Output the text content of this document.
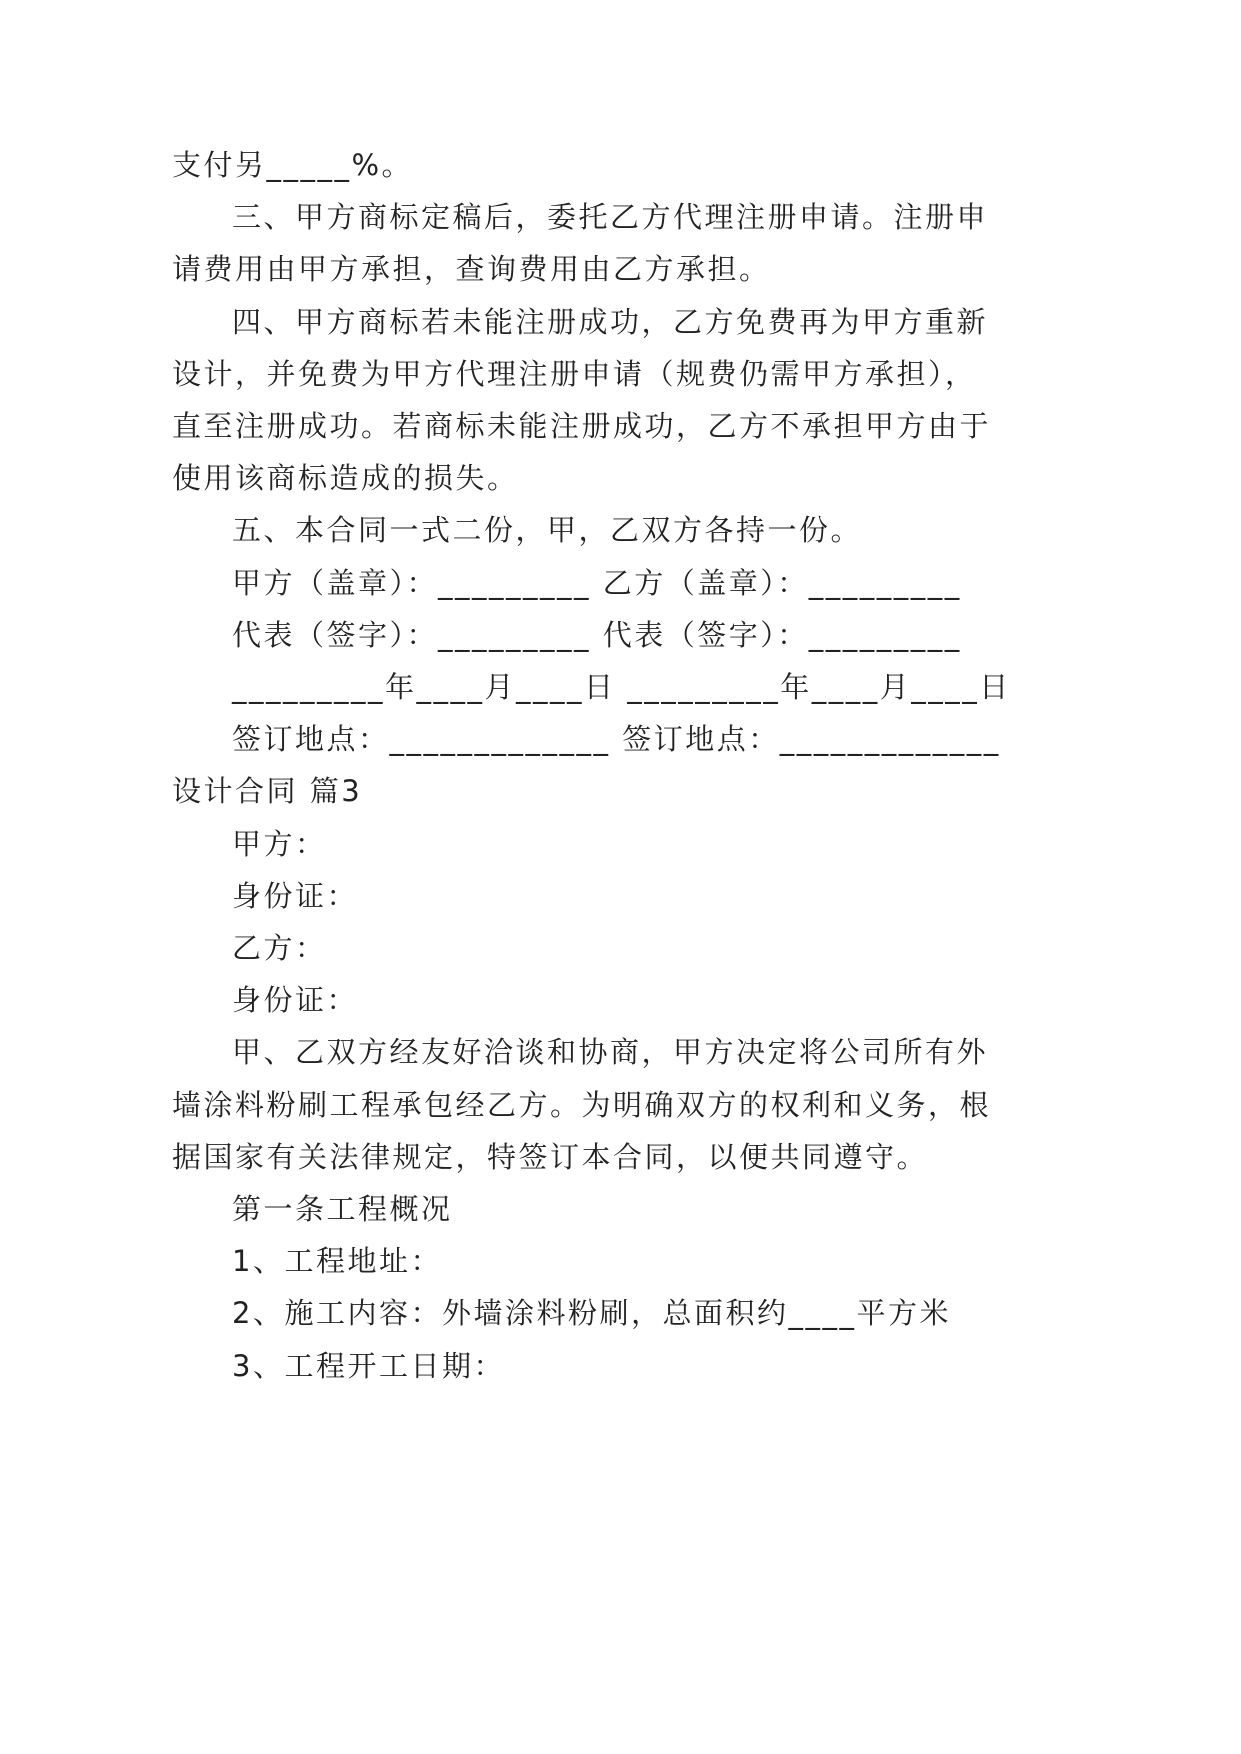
支付另_____%。
三、甲方商标定稿后，委托乙方代理注册申请。注册申
请费用由甲方承担，查询费用由乙方承担。
四、甲方商标若未能注册成功，乙方免费再为甲方重新
设计，并免费为甲方代理注册申请（规费仍需甲方承担），
直至注册成功。若商标未能注册成功，乙方不承担甲方由于
使用该商标造成的损失。
五、本合同一式二份，甲，乙双方各持一份。
甲方（盖章）：_________ 乙方（盖章）：_________
代表（签字）：_________ 代表（签字）：_________
_________年____月____日 _________年____月____日
签订地点：_____________ 签订地点：_____________
设计合同 篇3
甲方：
身份证：
乙方：
身份证：
甲、乙双方经友好洽谈和协商，甲方决定将公司所有外
墙涂料粉刷工程承包经乙方。为明确双方的权利和义务，根
据国家有关法律规定，特签订本合同，以便共同遵守。
第一条工程概况
1、工程地址：
2、施工内容：外墙涂料粉刷，总面积约____平方米
3、工程开工日期：
